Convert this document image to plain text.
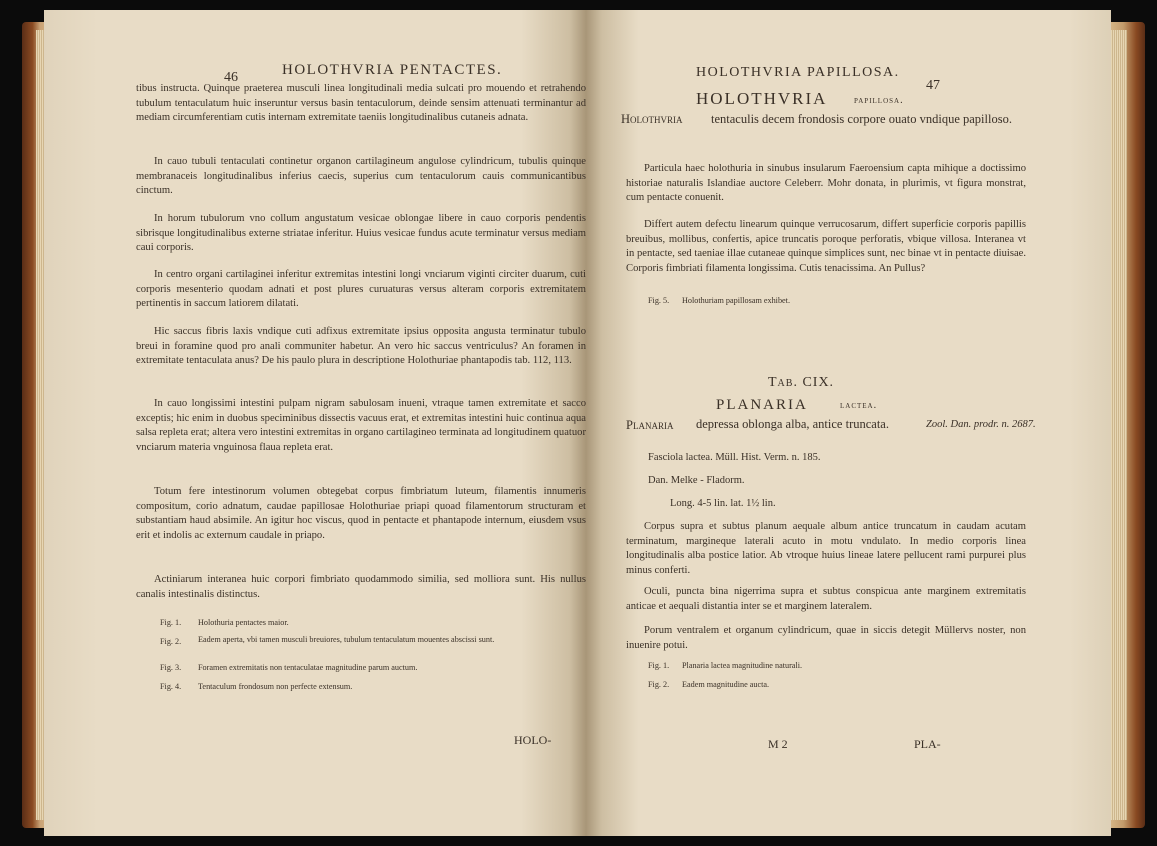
46	HOLOTHVRIA PENTACTES.
tibus instructa. Quinque praeterea musculi linea longitudinali media sulcati pro mouendo et retrahendo tubulum tentaculatum huic inseruntur versus basin tentaculorum, deinde sensim attenuati terminantur ad mediam circumferentiam cutis internam extremitate taeniis longitudinalibus cutaneis adnata.
In cauo tubuli tentaculati continetur organon cartilagineum angulose cylindricum, tubulis quinque membranaceis longitudinalibus inferius caecis, superius cum tentaculorum cauis communicantibus cinctum.
In horum tubulorum vno collum angustatum vesicae oblongae libere in cauo corporis pendentis sibrisque longitudinalibus externe striatae inferitur. Huius vesicae fundus acute terminatur versus mediam caui corporis.
In centro organi cartilaginei inferitur extremitas intestini longi vnciarum viginti circiter duarum, cuti corporis mesenterio quodam adnati et post plures curuaturas versus alteram corporis extremitatem pertinentis in saccum latiorem dilatati.
Hic saccus fibris laxis vndique cuti adfixus extremitate ipsius opposita angusta terminatur tubulo breui in foramine quod pro anali communiter habetur. An vero hic saccus ventriculus? An foramen in extremitate tentaculata anus? De his paulo plura in descriptione Holothuriae phantapodis tab. 112, 113.
In cauo longissimi intestini pulpam nigram sabulosam inueni, vtraque tamen extremitate et sacco exceptis; hic enim in duobus speciminibus dissectis vacuus erat, et extremitas intestini huic continua aqua salsa repleta erat; altera vero intestini extremitas in organo cartilagineo terminata ad longitudinem quatuor vnciarum materia vnguinosa flaua repleta erat.
Totum fere intestinorum volumen obtegebat corpus fimbriatum luteum, filamentis innumeris compositum, corio adnatum, caudae papillosae Holothuriae priapi quoad filamentorum structuram et substantiam haud absimile. An igitur hoc viscus, quod in pentacte et phantapode internum, eiusdem vsus erit et indolis ac externum caudale in priapo.
Actiniarum interanea huic corpori fimbriato quodammodo similia, sed molliora sunt. His nullus canalis intestinalis distinctus.
Fig. 1. Holothuria pentactes maior.
Fig. 2. Eadem aperta, vbi tamen musculi breuiores, tubulum tentaculatum mouentes abscissi sunt.
Fig. 3. Foramen extremitatis non tentaculatae magnitudine parum auctum.
Fig. 4. Tentaculum frondosum non perfecte extensum.
HOLO-
HOLOTHVRIA PAPILLOSA.
47
HOLOTHVRIA	papillosa.
Holothvria	tentaculis decem frondosis corpore ouato vndique papilloso.
Particula haec holothuria in sinubus insularum Faeroensium capta mihique a doctissimo historiae naturalis Islandiae auctore Celeberr. Mohr donata, in plurimis, vt figura monstrat, cum pentacte conuenit.
Differt autem defectu linearum quinque verrucosarum, differt superficie corporis papillis breuibus, mollibus, confertis, apice truncatis poroque perforatis, vbique villosa. Interanea vt in pentacte, sed taeniae illae cutaneae quinque simplices sunt, nec binae vt in pentacte diuisae. Corporis fimbriati filamenta longissima. Cutis tenacissima. An Pullus?
Fig. 5. Holothuriam papillosam exhibet.
Tab. CIX.
PLANARIA	lactea.
Planaria depressa oblonga alba, antice truncata.	Zool. Dan. prodr. n. 2687.
Fasciola lactea. Müll. Hist. Verm. n. 185.
Dan. Melke - Fladorm.
Long. 4-5 lin. lat. 1½ lin.
Corpus supra et subtus planum aequale album antice truncatum in caudam acutam terminatum, margineque laterali acuto in motu vndulato. In medio corporis linea longitudinalis alba postice latior. Ab vtroque huius lineae latere pellucent rami purpurei plus minus conferti.
Oculi, puncta bina nigerrima supra et subtus conspicua ante marginem extremitatis anticae et aequali distantia inter se et marginem lateralem.
Porum ventralem et organum cylindricum, quae in siccis detegit Müllervs noster, non inuenire potui.
Fig. 1. Planaria lactea magnitudine naturali.
Fig. 2. Eadem magnitudine aucta.
M 2	PLA-
